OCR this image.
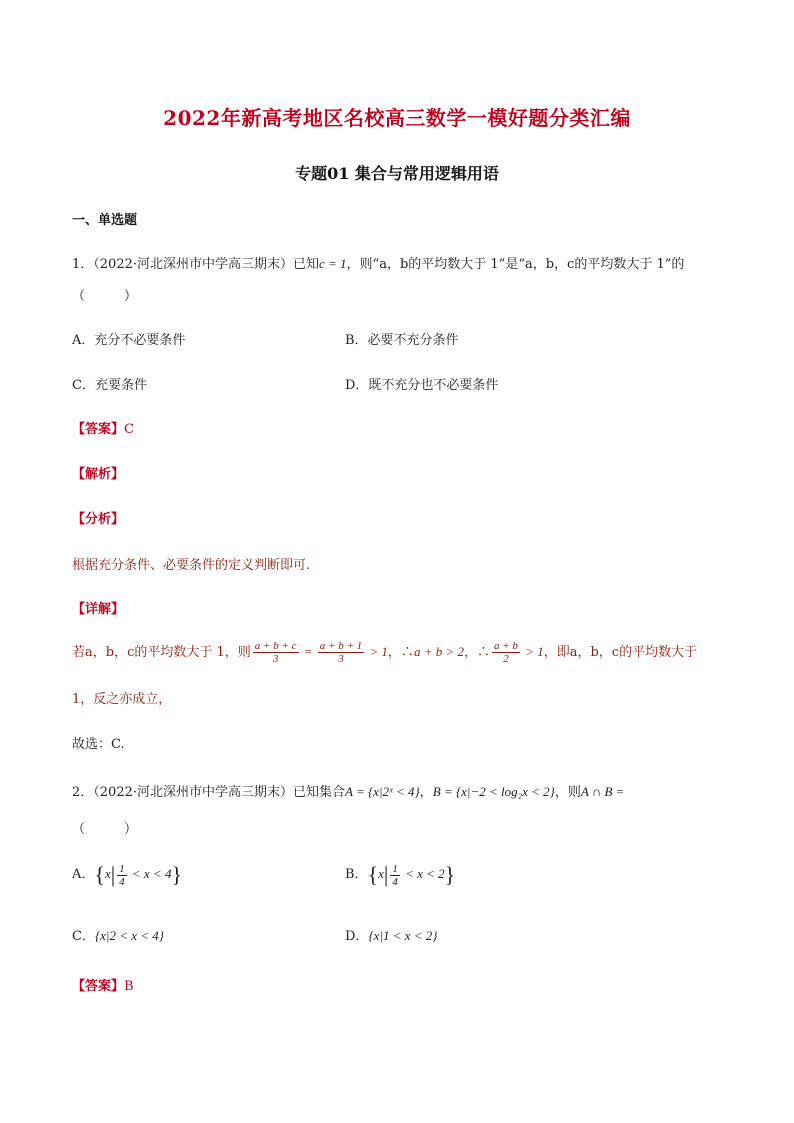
2022年新高考地区名校高三数学一模好题分类汇编
专题01 集合与常用逻辑用语
一、单选题
1．（2022·河北深州市中学高三期末）已知c = 1，则“a，b的平均数大于 1”是“a，b，c的平均数大于 1”的
（　　　）
A．充分不必要条件	B．必要不充分条件
C．充要条件	D．既不充分也不必要条件
【答案】C
【解析】
【分析】
根据充分条件、必要条件的定义判断即可.
【详解】
若a，b，c的平均数大于 1，则 $\frac{a + b + c}{3} = \frac{a + b + 1}{3} > 1$，∴a + b > 2，∴ $\frac{a + b}{2} > 1$，即a，b，c的平均数大于
1，反之亦成立，
故选：C.
2．（2022·河北深州市中学高三期末）已知集合A = {x|2ˣ < 4}，B = {x|−2 < log₂x < 2}，则A ∩ B =
（　　　）
A．$\{x| \frac{1}{4} < x < 4\}$	B．$\{x| \frac{1}{4} < x < 2\}$
C．{x|2 < x < 4}	D．{x|1 < x < 2}
【答案】B
